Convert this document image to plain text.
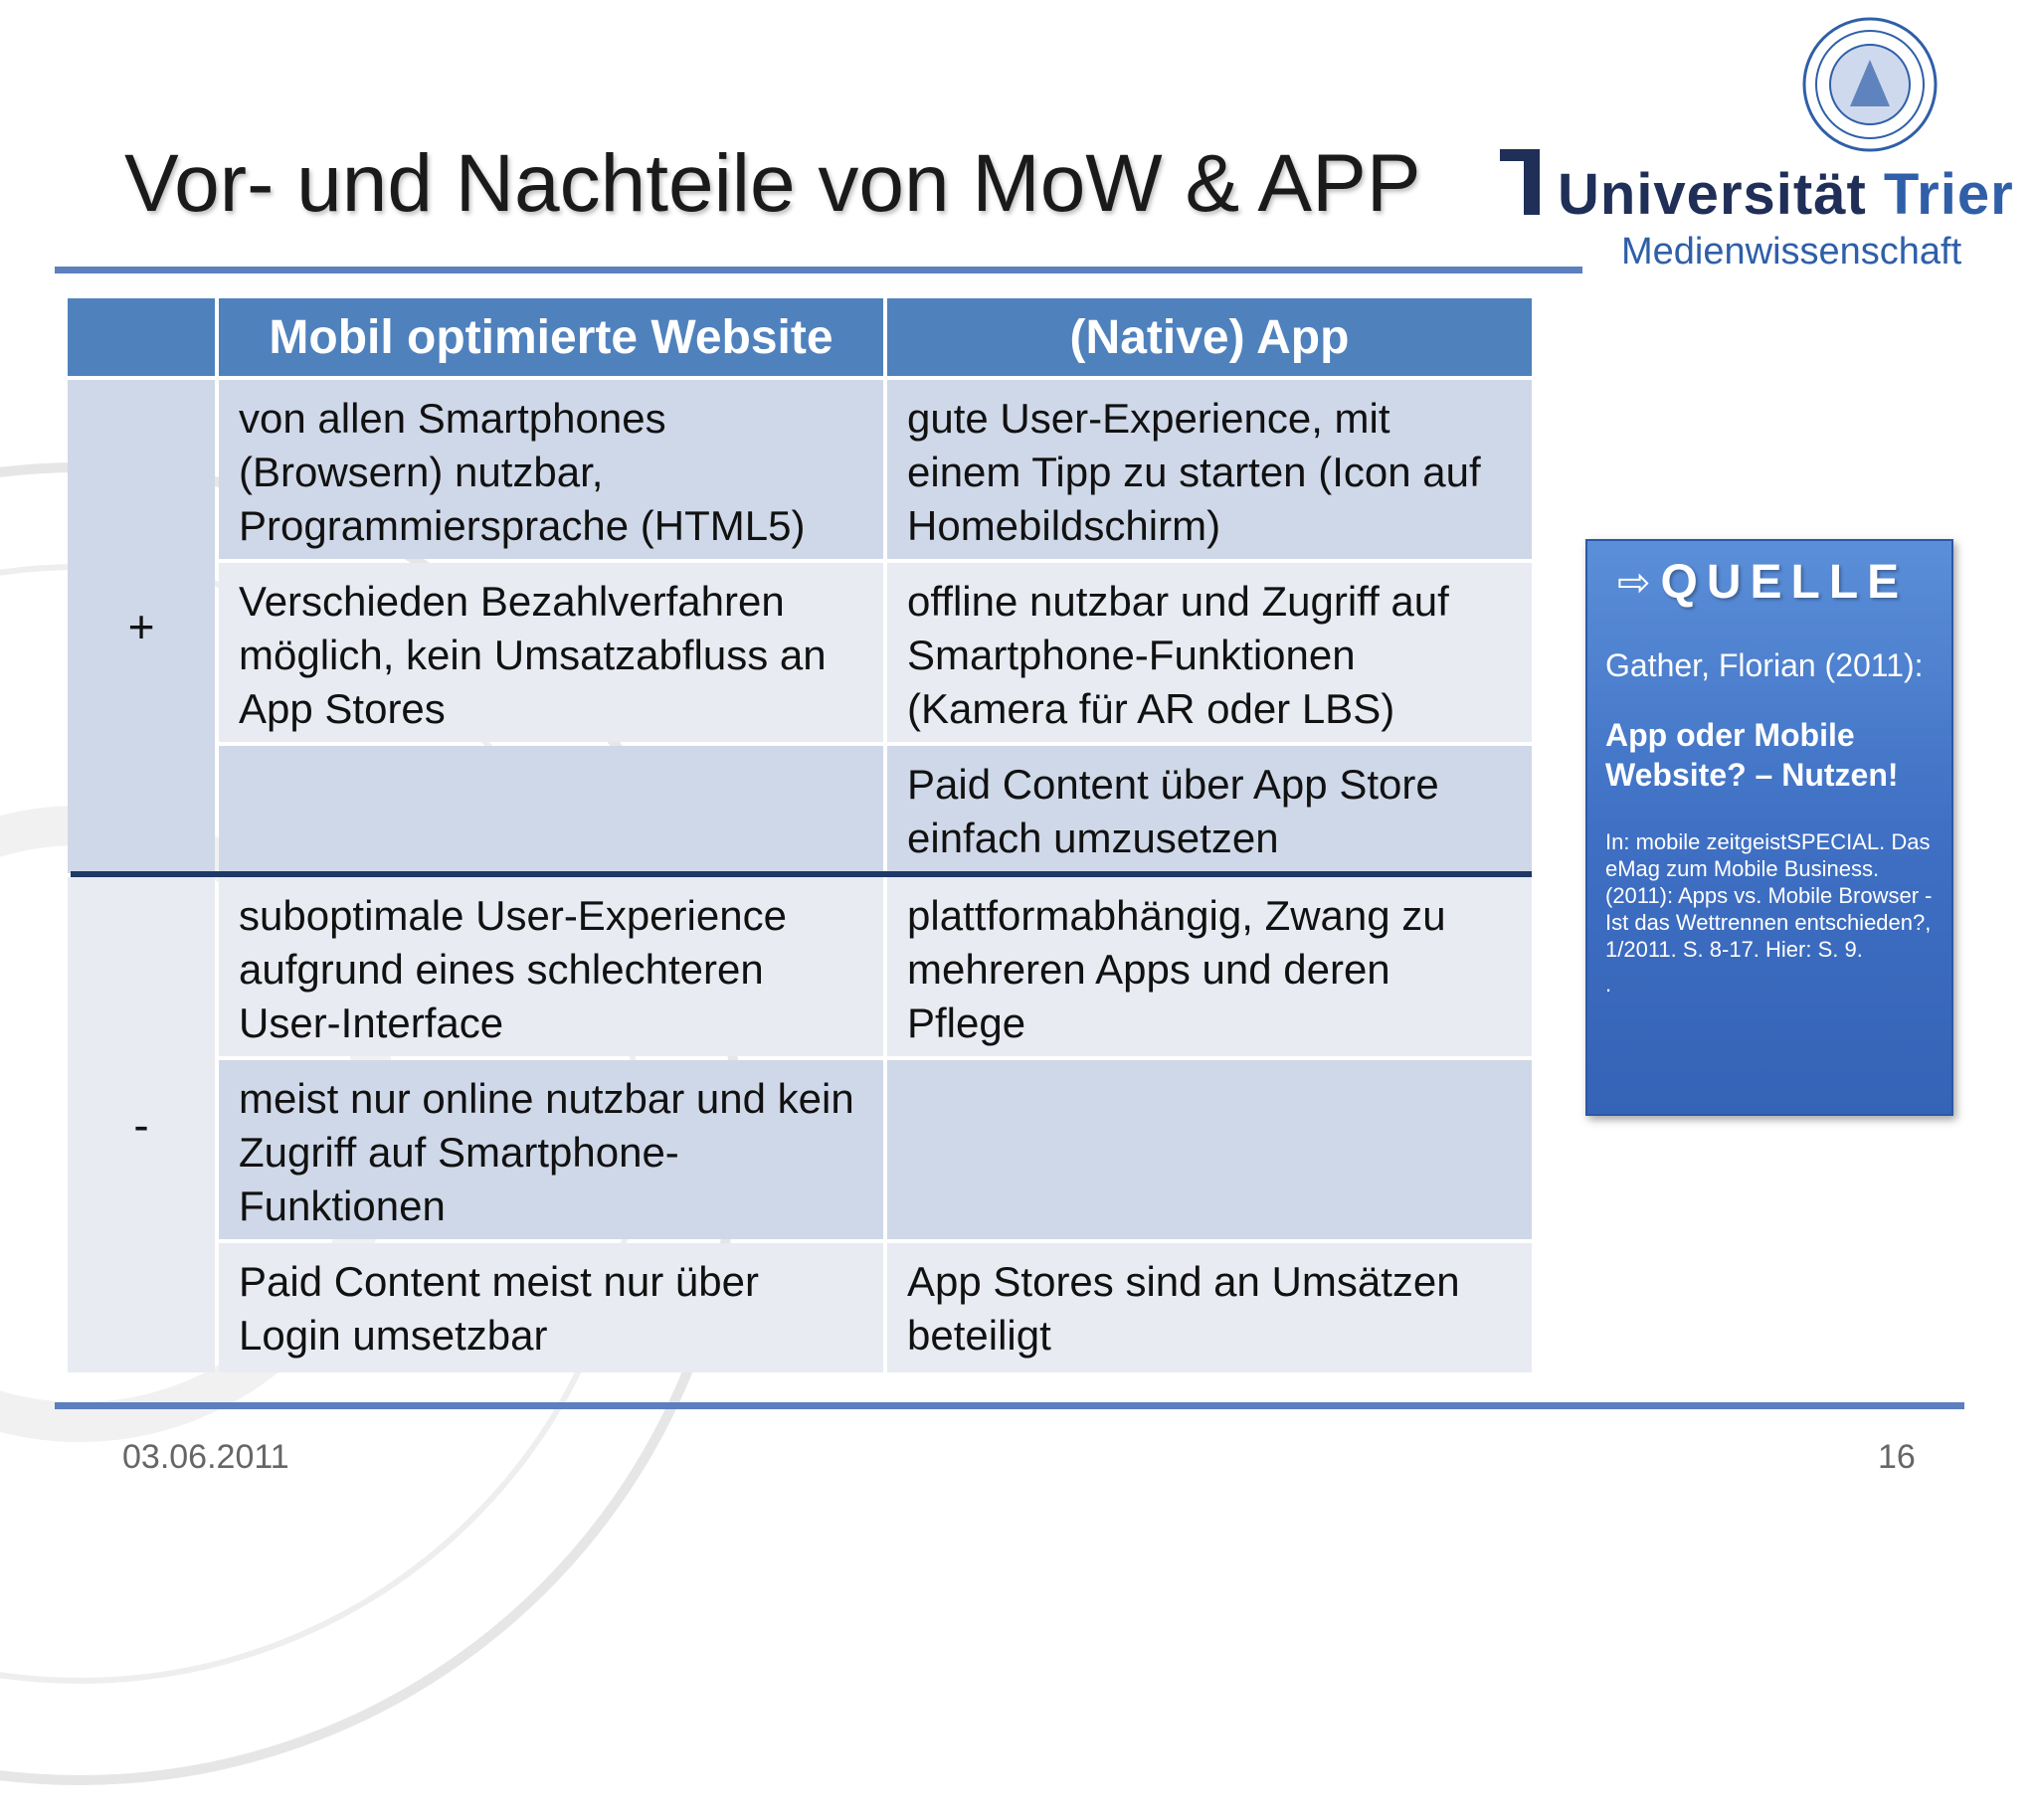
Vor- und Nachteile von MoW & APP Universität Trier
Medienwissenschaft
Mobil optimierte Website	(Native) App
+
von allen Smartphones (Browsern) nutzbar, Programmiersprache (HTML5)
gute User-Experience, mit einem Tipp zu starten (Icon auf Homebildschirm)
Verschieden Bezahlverfahren möglich, kein Umsatzabfluss an App Stores
offline nutzbar und Zugriff auf Smartphone-Funktionen (Kamera für AR oder LBS)
Paid Content über App Store einfach umzusetzen
-
suboptimale User-Experience aufgrund eines schlechteren User-Interface
plattformabhängig, Zwang zu mehreren Apps und deren Pflege
meist nur online nutzbar und kein Zugriff auf Smartphone-Funktionen
Paid Content meist nur über Login umsetzbar
App Stores sind an Umsätzen beteiligt
⇨ QUELLE
Gather, Florian (2011):
App oder Mobile Website? – Nutzen!
In: mobile zeitgeistSPECIAL. Das eMag zum Mobile Business. (2011): Apps vs. Mobile Browser - Ist das Wettrennen entschieden?, 1/2011. S. 8-17. Hier: S. 9.
.
03.06.2011	16
